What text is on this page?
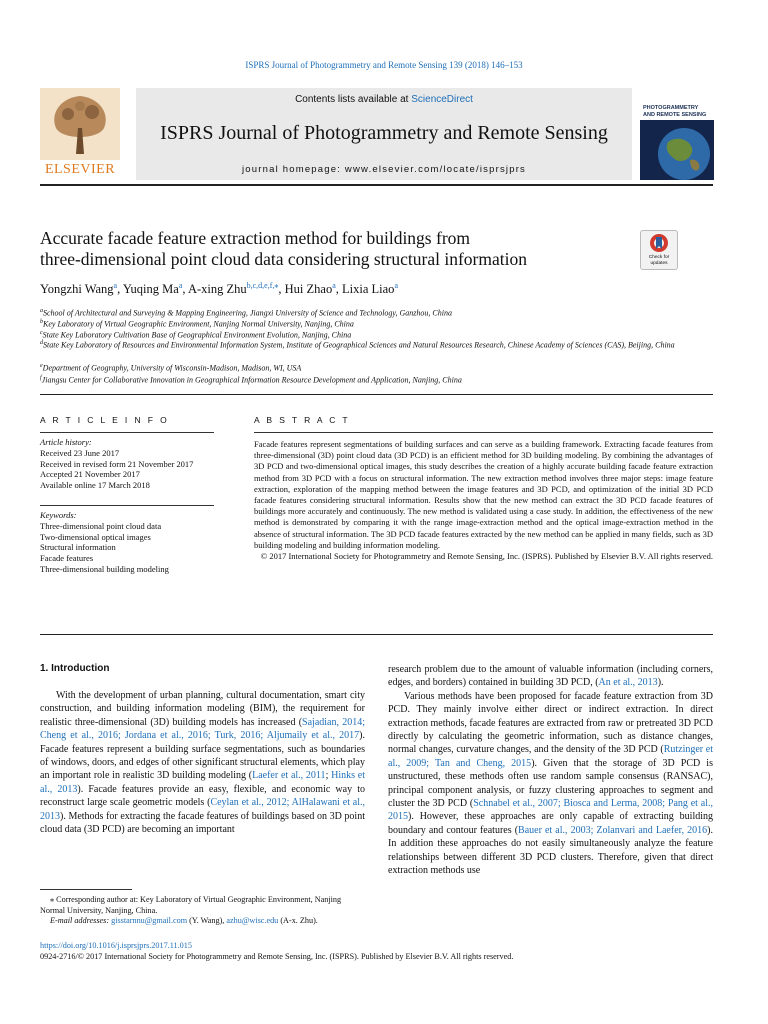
ISPRS Journal of Photogrammetry and Remote Sensing 139 (2018) 146–153
ELSEVIER
Contents lists available at ScienceDirect
ISPRS Journal of Photogrammetry and Remote Sensing
journal homepage: www.elsevier.com/locate/isprsjprs
PHOTOGRAMMETRY
AND REMOTE SENSING
Accurate facade feature extraction method for buildings from
three-dimensional point cloud data considering structural information	Check for updates
Yongzhi Wang$^a$, Yuqing Ma$^a$, A-xing Zhu$^{b,c,d,e,f,⁎}$, Hui Zhao$^a$, Lixia Liao$^a$
$^a$School of Architectural and Surveying & Mapping Engineering, Jiangxi University of Science and Technology, Ganzhou, China
$^b$Key Laboratory of Virtual Geographic Environment, Nanjing Normal University, Nanjing, China
$^c$State Key Laboratory Cultivation Base of Geographical Environment Evolution, Nanjing, China
$^d$State Key Laboratory of Resources and Environmental Information System, Institute of Geographical Sciences and Natural Resources Research, Chinese Academy of Sciences (CAS), Beijing, China
$^e$Department of Geography, University of Wisconsin-Madison, Madison, WI, USA
$^f$Jiangsu Center for Collaborative Innovation in Geographical Information Resource Development and Application, Nanjing, China
A R T I C L E I N F O
Article history:
Received 23 June 2017
Received in revised form 21 November 2017
Accepted 21 November 2017
Available online 17 March 2018
Keywords:
Three-dimensional point cloud data
Two-dimensional optical images
Structural information
Facade features
Three-dimensional building modeling
A B S T R A C T
Facade features represent segmentations of building surfaces and can serve as a building framework. Extracting facade features from three-dimensional (3D) point cloud data (3D PCD) is an efficient method for 3D building modeling. By combining the advantages of 3D PCD and two-dimensional optical images, this study describes the creation of a highly accurate building facade feature extraction method from 3D PCD with a focus on structural information. The new extraction method involves three major steps: image feature extraction, exploration of the mapping method between the image features and 3D PCD, and optimization of the initial 3D PCD facade features considering structural information. Results show that the new method can extract the 3D PCD facade features of buildings more accurately and continuously. The new method is validated using a case study. In addition, the effectiveness of the new method is demonstrated by comparing it with the range image-extraction method and the optical image-extraction method in the absence of structural information. The 3D PCD facade features extracted by the new method can be applied in many fields, such as 3D building modeling and building information modeling.
© 2017 International Society for Photogrammetry and Remote Sensing, Inc. (ISPRS). Published by Elsevier B.V. All rights reserved.
1. Introduction

With the development of urban planning, cultural documentation, smart city construction, and building information modeling (BIM), the requirement for realistic three-dimensional (3D) building models has increased (Sajadian, 2014; Cheng et al., 2016; Jordana et al., 2016; Turk, 2016; Aljumaily et al., 2017). Facade features represent a building surface segmentations, such as boundaries of windows, doors, and edges of other significant structural elements, which play an important role in realistic 3D building modeling (Laefer et al., 2011; Hinks et al., 2013). Facade features provide an easy, flexible, and economic way to reconstruct large scale geometric models (Ceylan et al., 2012; AlHalawani et al., 2013). Methods for extracting the facade features of buildings based on 3D point cloud data (3D PCD) are becoming an important

research problem due to the amount of valuable information (including corners, edges, and borders) contained in building 3D PCD, (An et al., 2013).

Various methods have been proposed for facade feature extraction from 3D PCD. They mainly involve either direct or indirect extraction. In direct extraction methods, facade features are extracted from raw or pretreated 3D PCD directly by calculating the geometric information, such as distance changes, normal changes, curvature changes, and the density of the 3D PCD (Rutzinger et al., 2009; Tan and Cheng, 2015). Given that the storage of 3D PCD is unstructured, these methods often use random sample consensus (RANSAC), principal component analysis, or fuzzy clustering approaches to segment and cluster the 3D PCD (Schnabel et al., 2007; Biosca and Lerma, 2008; Pang et al., 2015). However, these approaches are only capable of extracting building boundary and contour features (Bauer et al., 2003; Zolanvari and Laefer, 2016). In addition these approaches do not easily simultaneously analyze the feature relationships between different 3D PCD clusters. Therefore, given that direct extraction methods use

⁎ Corresponding author at: Key Laboratory of Virtual Geographic Environment, Nanjing Normal University, Nanjing, China.
E-mail addresses: gisstarnnu@gmail.com (Y. Wang), azhu@wisc.edu (A-x. Zhu).
https://doi.org/10.1016/j.isprsjprs.2017.11.015
0924-2716/© 2017 International Society for Photogrammetry and Remote Sensing, Inc. (ISPRS). Published by Elsevier B.V. All rights reserved.
